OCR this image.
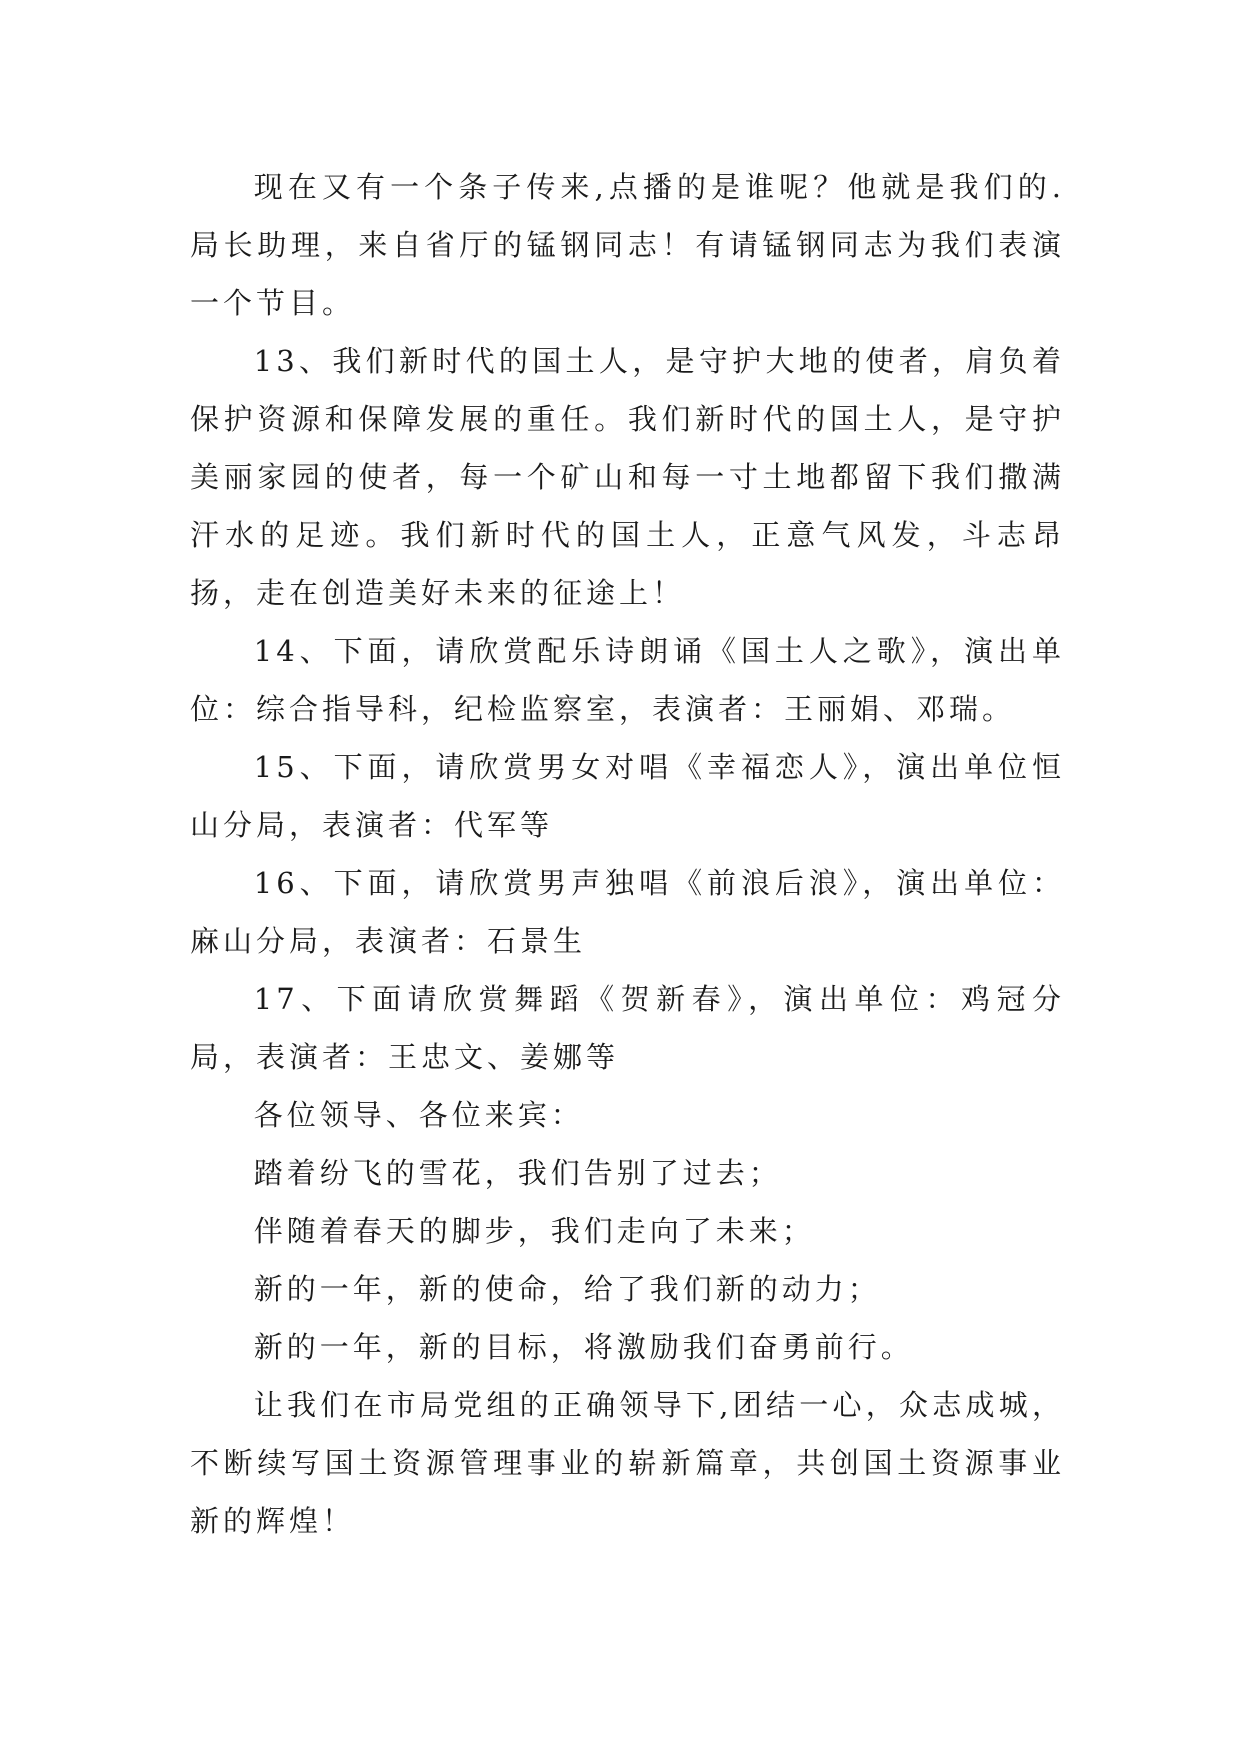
现在又有一个条子传来,点播的是谁呢？他就是我们的.局长助理，来自省厅的锰钢同志！有请锰钢同志为我们表演一个节目。

13、我们新时代的国土人，是守护大地的使者，肩负着保护资源和保障发展的重任。我们新时代的国土人，是守护美丽家园的使者，每一个矿山和每一寸土地都留下我们撒满汗水的足迹。我们新时代的国土人，正意气风发，斗志昂扬，走在创造美好未来的征途上！

14、下面，请欣赏配乐诗朗诵《国土人之歌》，演出单位：综合指导科，纪检监察室，表演者：王丽娟、邓瑞。

15、下面，请欣赏男女对唱《幸福恋人》，演出单位恒山分局，表演者：代军等

16、下面，请欣赏男声独唱《前浪后浪》，演出单位：麻山分局，表演者：石景生

17、下面请欣赏舞蹈《贺新春》，演出单位：鸡冠分局，表演者：王忠文、姜娜等

各位领导、各位来宾：

踏着纷飞的雪花，我们告别了过去；

伴随着春天的脚步，我们走向了未来；

新的一年，新的使命，给了我们新的动力；

新的一年，新的目标，将激励我们奋勇前行。

让我们在市局党组的正确领导下,团结一心，众志成城，不断续写国土资源管理事业的崭新篇章，共创国土资源事业新的辉煌！
